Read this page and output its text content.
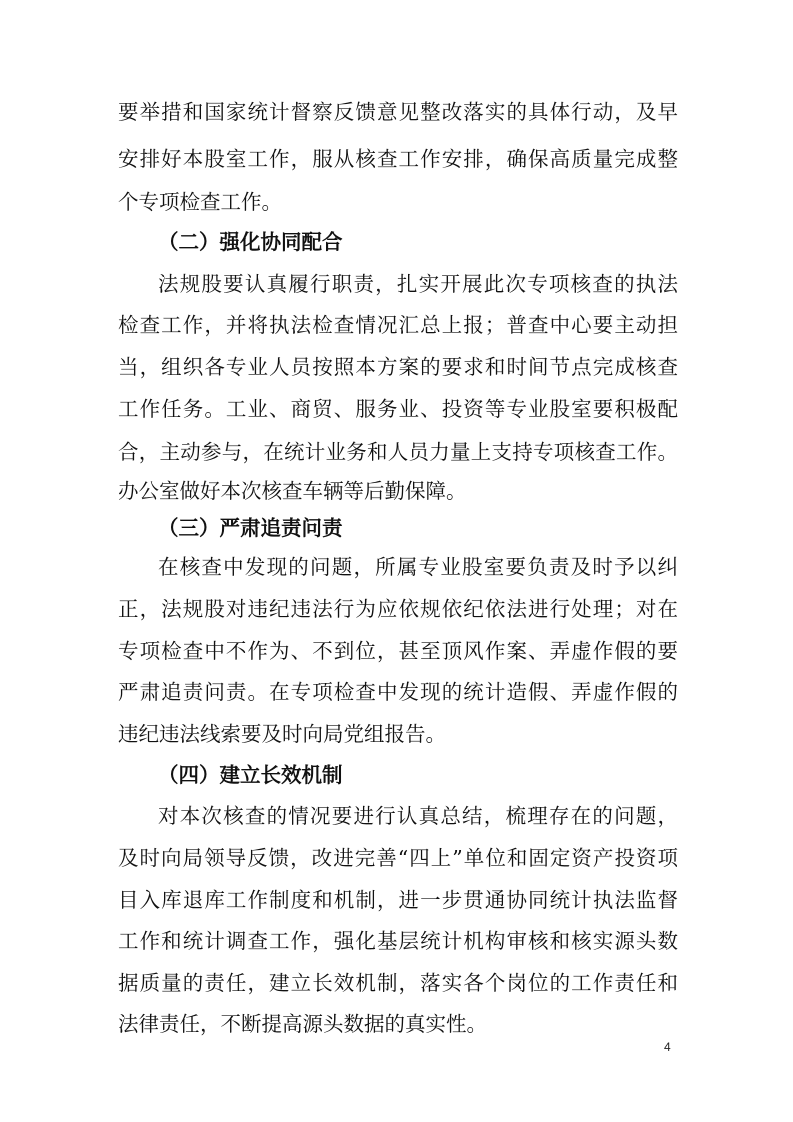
要举措和国家统计督察反馈意见整改落实的具体行动，及早
安排好本股室工作，服从核查工作安排，确保高质量完成整
个专项检查工作。
（二）强化协同配合
法规股要认真履行职责，扎实开展此次专项核查的执法
检查工作，并将执法检查情况汇总上报；普查中心要主动担
当，组织各专业人员按照本方案的要求和时间节点完成核查
工作任务。工业、商贸、服务业、投资等专业股室要积极配
合，主动参与，在统计业务和人员力量上支持专项核查工作。
办公室做好本次核查车辆等后勤保障。
（三）严肃追责问责
在核查中发现的问题，所属专业股室要负责及时予以纠
正，法规股对违纪违法行为应依规依纪依法进行处理；对在
专项检查中不作为、不到位，甚至顶风作案、弄虚作假的要
严肃追责问责。在专项检查中发现的统计造假、弄虚作假的
违纪违法线索要及时向局党组报告。
（四）建立长效机制
对本次核查的情况要进行认真总结，梳理存在的问题，
及时向局领导反馈，改进完善“四上”单位和固定资产投资项
目入库退库工作制度和机制，进一步贯通协同统计执法监督
工作和统计调查工作，强化基层统计机构审核和核实源头数
据质量的责任，建立长效机制，落实各个岗位的工作责任和
法律责任，不断提高源头数据的真实性。
4
